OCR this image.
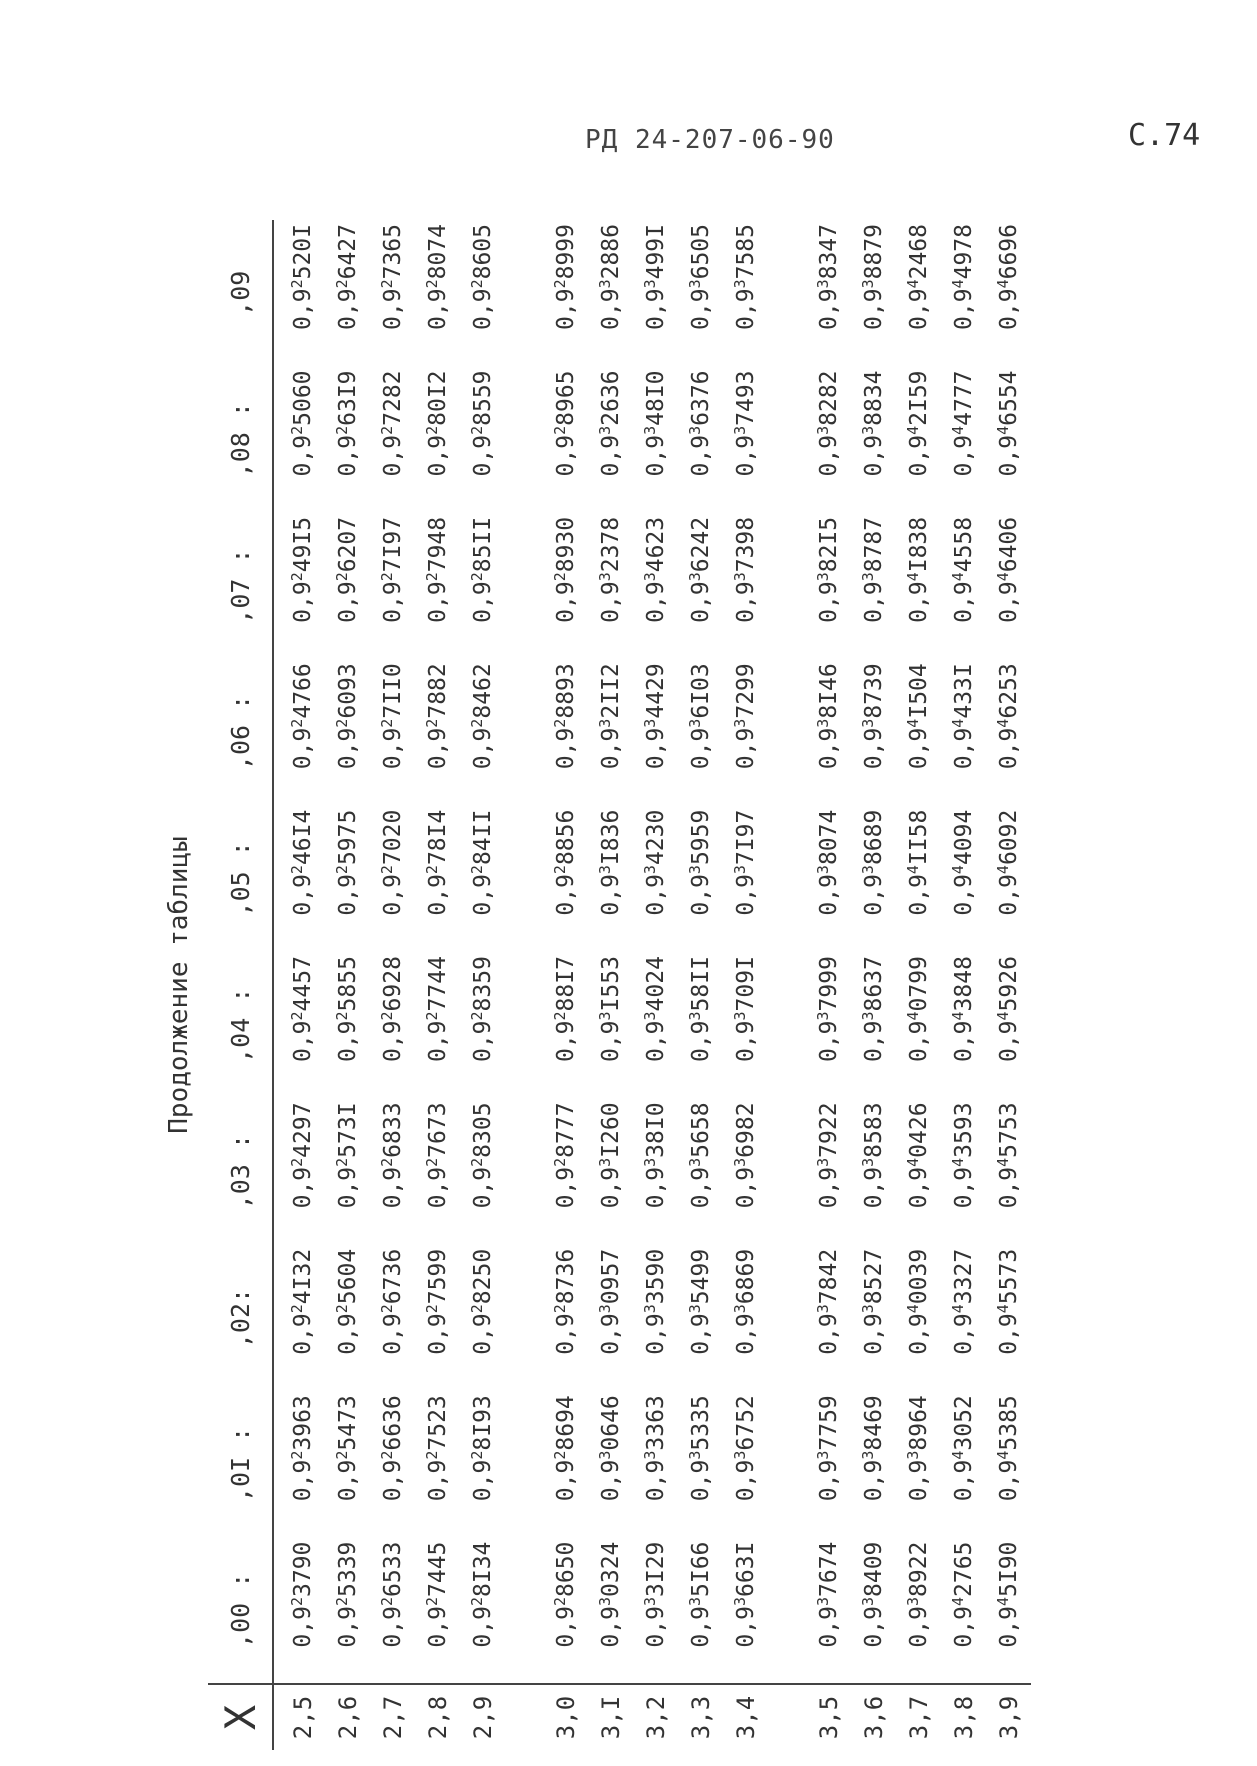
РД 24-207-06-90	С.74
Продолжение таблицы
X	,00 :	,0I :	,02:	,03 :	,04 :	,05 :	,06 :	,07 :	,08 :	,09
2,5	$0,9^23790$	$0,9^23963$	$0,9^24I32$	$0,9^24297$	$0,9^24457$	$0,9^246I4$	$0,9^24766$	$0,9^249I5$	$0,9^25060$	$0,9^2520I$
2,6	$0,9^25339$	$0,9^25473$	$0,9^25604$	$0,9^2573I$	$0,9^25855$	$0,9^25975$	$0,9^26093$	$0,9^26207$	$0,9^263I9$	$0,9^26427$
2,7	$0,9^26533$	$0,9^26636$	$0,9^26736$	$0,9^26833$	$0,9^26928$	$0,9^27020$	$0,9^27II0$	$0,9^27I97$	$0,9^27282$	$0,9^27365$
2,8	$0,9^27445$	$0,9^27523$	$0,9^27599$	$0,9^27673$	$0,9^27744$	$0,9^278I4$	$0,9^27882$	$0,9^27948$	$0,9^280I2$	$0,9^28074$
2,9	$0,9^28I34$	$0,9^28I93$	$0,9^28250$	$0,9^28305$	$0,9^28359$	$0,9^284II$	$0,9^28462$	$0,9^285II$	$0,9^28559$	$0,9^28605$

3,0	$0,9^28650$	$0,9^28694$	$0,9^28736$	$0,9^28777$	$0,9^288I7$	$0,9^28856$	$0,9^28893$	$0,9^28930$	$0,9^28965$	$0,9^28999$
3,I	$0,9^30324$	$0,9^30646$	$0,9^30957$	$0,9^3I260$	$0,9^3I553$	$0,9^3I836$	$0,9^32II2$	$0,9^32378$	$0,9^32636$	$0,9^32886$
3,2	$0,9^33I29$	$0,9^33363$	$0,9^33590$	$0,9^338I0$	$0,9^34024$	$0,9^34230$	$0,9^34429$	$0,9^34623$	$0,9^348I0$	$0,9^3499I$
3,3	$0,9^35I66$	$0,9^35335$	$0,9^35499$	$0,9^35658$	$0,9^358II$	$0,9^35959$	$0,9^36I03$	$0,9^36242$	$0,9^36376$	$0,9^36505$
3,4	$0,9^3663I$	$0,9^36752$	$0,9^36869$	$0,9^36982$	$0,9^3709I$	$0,9^37I97$	$0,9^37299$	$0,9^37398$	$0,9^37493$	$0,9^37585$

3,5	$0,9^37674$	$0,9^37759$	$0,9^37842$	$0,9^37922$	$0,9^37999$	$0,9^38074$	$0,9^38I46$	$0,9^382I5$	$0,9^38282$	$0,9^38347$
3,6	$0,9^38409$	$0,9^38469$	$0,9^38527$	$0,9^38583$	$0,9^38637$	$0,9^38689$	$0,9^38739$	$0,9^38787$	$0,9^38834$	$0,9^38879$
3,7	$0,9^38922$	$0,9^38964$	$0,9^40039$	$0,9^40426$	$0,9^40799$	$0,9^4II58$	$0,9^4I504$	$0,9^4I838$	$0,9^42I59$	$0,9^42468$
3,8	$0,9^42765$	$0,9^43052$	$0,9^43327$	$0,9^43593$	$0,9^43848$	$0,9^44094$	$0,9^4433I$	$0,9^44558$	$0,9^44777$	$0,9^44978$
3,9	$0,9^45I90$	$0,9^45385$	$0,9^45573$	$0,9^45753$	$0,9^45926$	$0,9^46092$	$0,9^46253$	$0,9^46406$	$0,9^46554$	$0,9^46696$
